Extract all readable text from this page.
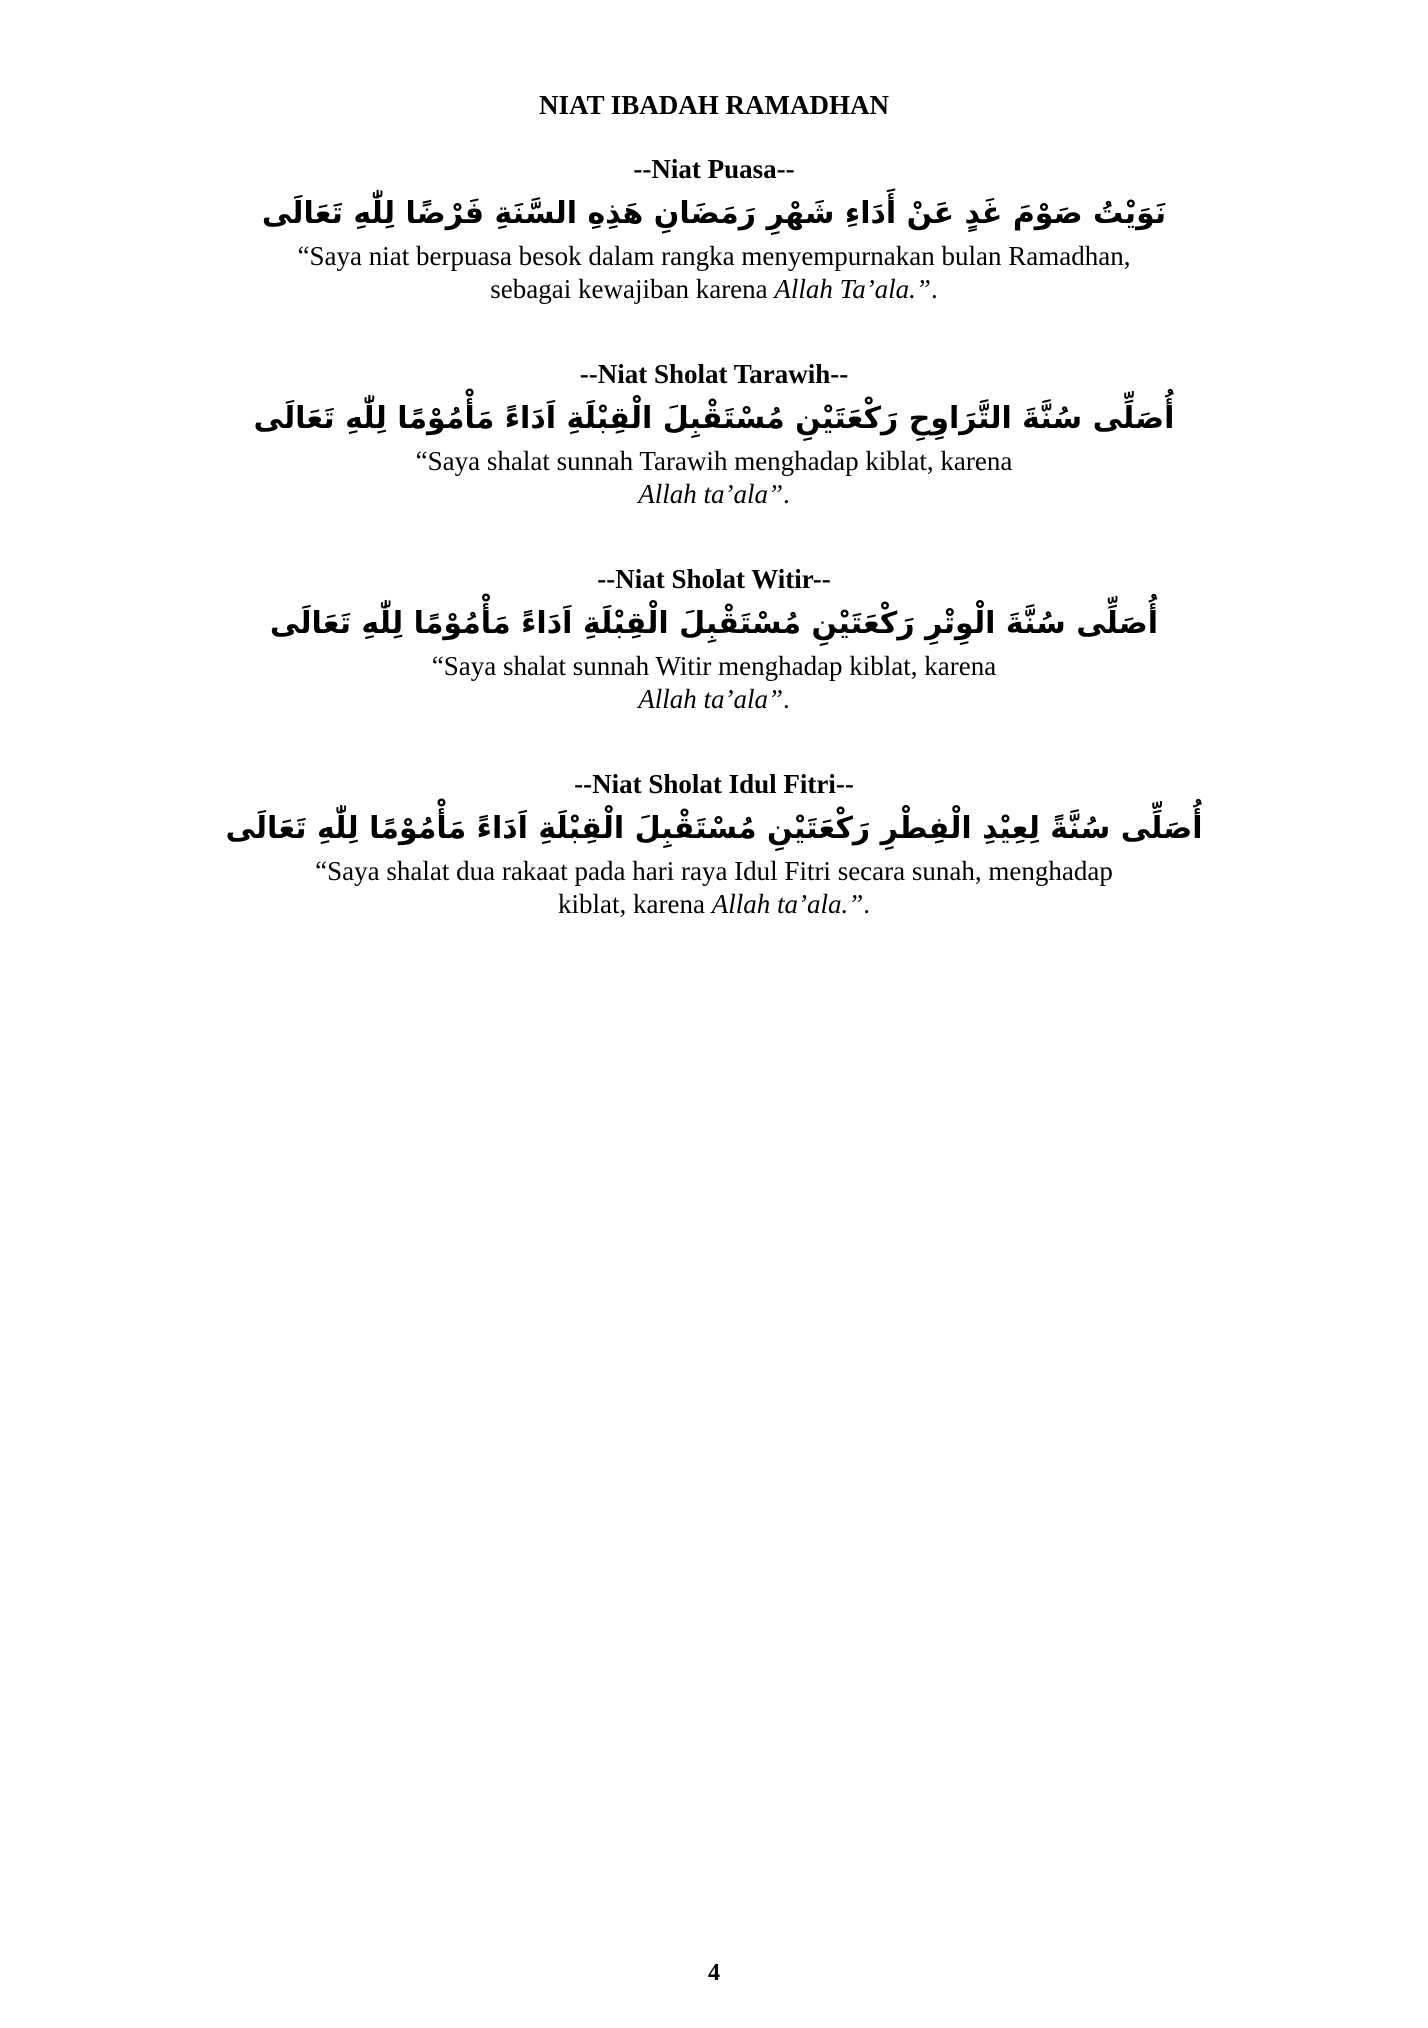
NIAT IBADAH RAMADHAN
--Niat Puasa--
نَوَيْتُ صَوْمَ غَدٍ عَنْ أَدَاءِ شَهْرِ رَمَضَانِ هَذِهِ السَّنَةِ فَرْضًا لِلّٰهِ تَعَالَى
“Saya niat berpuasa besok dalam rangka menyempurnakan bulan Ramadhan,
sebagai kewajiban karena Allah Ta’ala.”.
--Niat Sholat Tarawih--
أُصَلِّى سُنَّةَ التَّرَاوِحِ رَكْعَتَيْنِ مُسْتَقْبِلَ الْقِبْلَةِ اَدَاءً مَأْمُوْمًا لِلّٰهِ تَعَالَى
“Saya shalat sunnah Tarawih menghadap kiblat, karena
Allah ta’ala”.
--Niat Sholat Witir--
أُصَلِّى سُنَّةَ الْوِتْرِ رَكْعَتَيْنِ مُسْتَقْبِلَ الْقِبْلَةِ اَدَاءً مَأْمُوْمًا لِلّٰهِ تَعَالَى
“Saya shalat sunnah Witir menghadap kiblat, karena
Allah ta’ala”.
--Niat Sholat Idul Fitri--
أُصَلِّى سُنَّةً لِعِيْدِ الْفِطْرِ رَكْعَتَيْنِ مُسْتَقْبِلَ الْقِبْلَةِ اَدَاءً مَأْمُوْمًا لِلّٰهِ تَعَالَى
“Saya shalat dua rakaat pada hari raya Idul Fitri secara sunah, menghadap
kiblat, karena Allah ta’ala.”.

4
